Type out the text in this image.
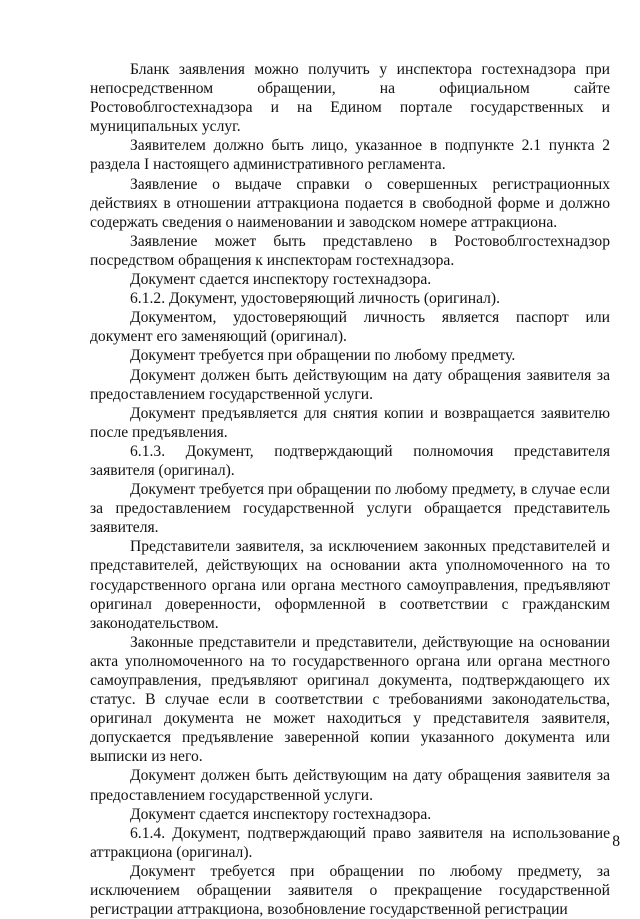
Бланк заявления можно получить у инспектора гостехнадзора при непосредственном обращении, на официальном сайте Ростовоблгостехнадзора и на Едином портале государственных и муниципальных услуг.

Заявителем должно быть лицо, указанное в подпункте 2.1 пункта 2 раздела I настоящего административного регламента.

Заявление о выдаче справки о совершенных регистрационных действиях в отношении аттракциона подается в свободной форме и должно содержать сведения о наименовании и заводском номере аттракциона.

Заявление может быть представлено в Ростовоблгостехнадзор посредством обращения к инспекторам гостехнадзора.

Документ сдается инспектору гостехнадзора.

6.1.2. Документ, удостоверяющий личность (оригинал).

Документом, удостоверяющий личность является паспорт или документ его заменяющий (оригинал).

Документ требуется при обращении по любому предмету.

Документ должен быть действующим на дату обращения заявителя за предоставлением государственной услуги.

Документ предъявляется для снятия копии и возвращается заявителю после предъявления.

6.1.3. Документ, подтверждающий полномочия представителя заявителя (оригинал).

Документ требуется при обращении по любому предмету, в случае если за предоставлением государственной услуги обращается представитель заявителя.

Представители заявителя, за исключением законных представителей и представителей, действующих на основании акта уполномоченного на то государственного органа или органа местного самоуправления, предъявляют оригинал доверенности, оформленной в соответствии с гражданским законодательством.

Законные представители и представители, действующие на основании акта уполномоченного на то государственного органа или органа местного самоуправления, предъявляют оригинал документа, подтверждающего их статус. В случае если в соответствии с требованиями законодательства, оригинал документа не может находиться у представителя заявителя, допускается предъявление заверенной копии указанного документа или выписки из него.

Документ должен быть действующим на дату обращения заявителя за предоставлением государственной услуги.

Документ сдается инспектору гостехнадзора.

6.1.4. Документ, подтверждающий право заявителя на использование аттракциона (оригинал).

Документ требуется при обращении по любому предмету, за исключением обращении заявителя о прекращение государственной регистрации аттракциона, возобновление государственной регистрации

8
